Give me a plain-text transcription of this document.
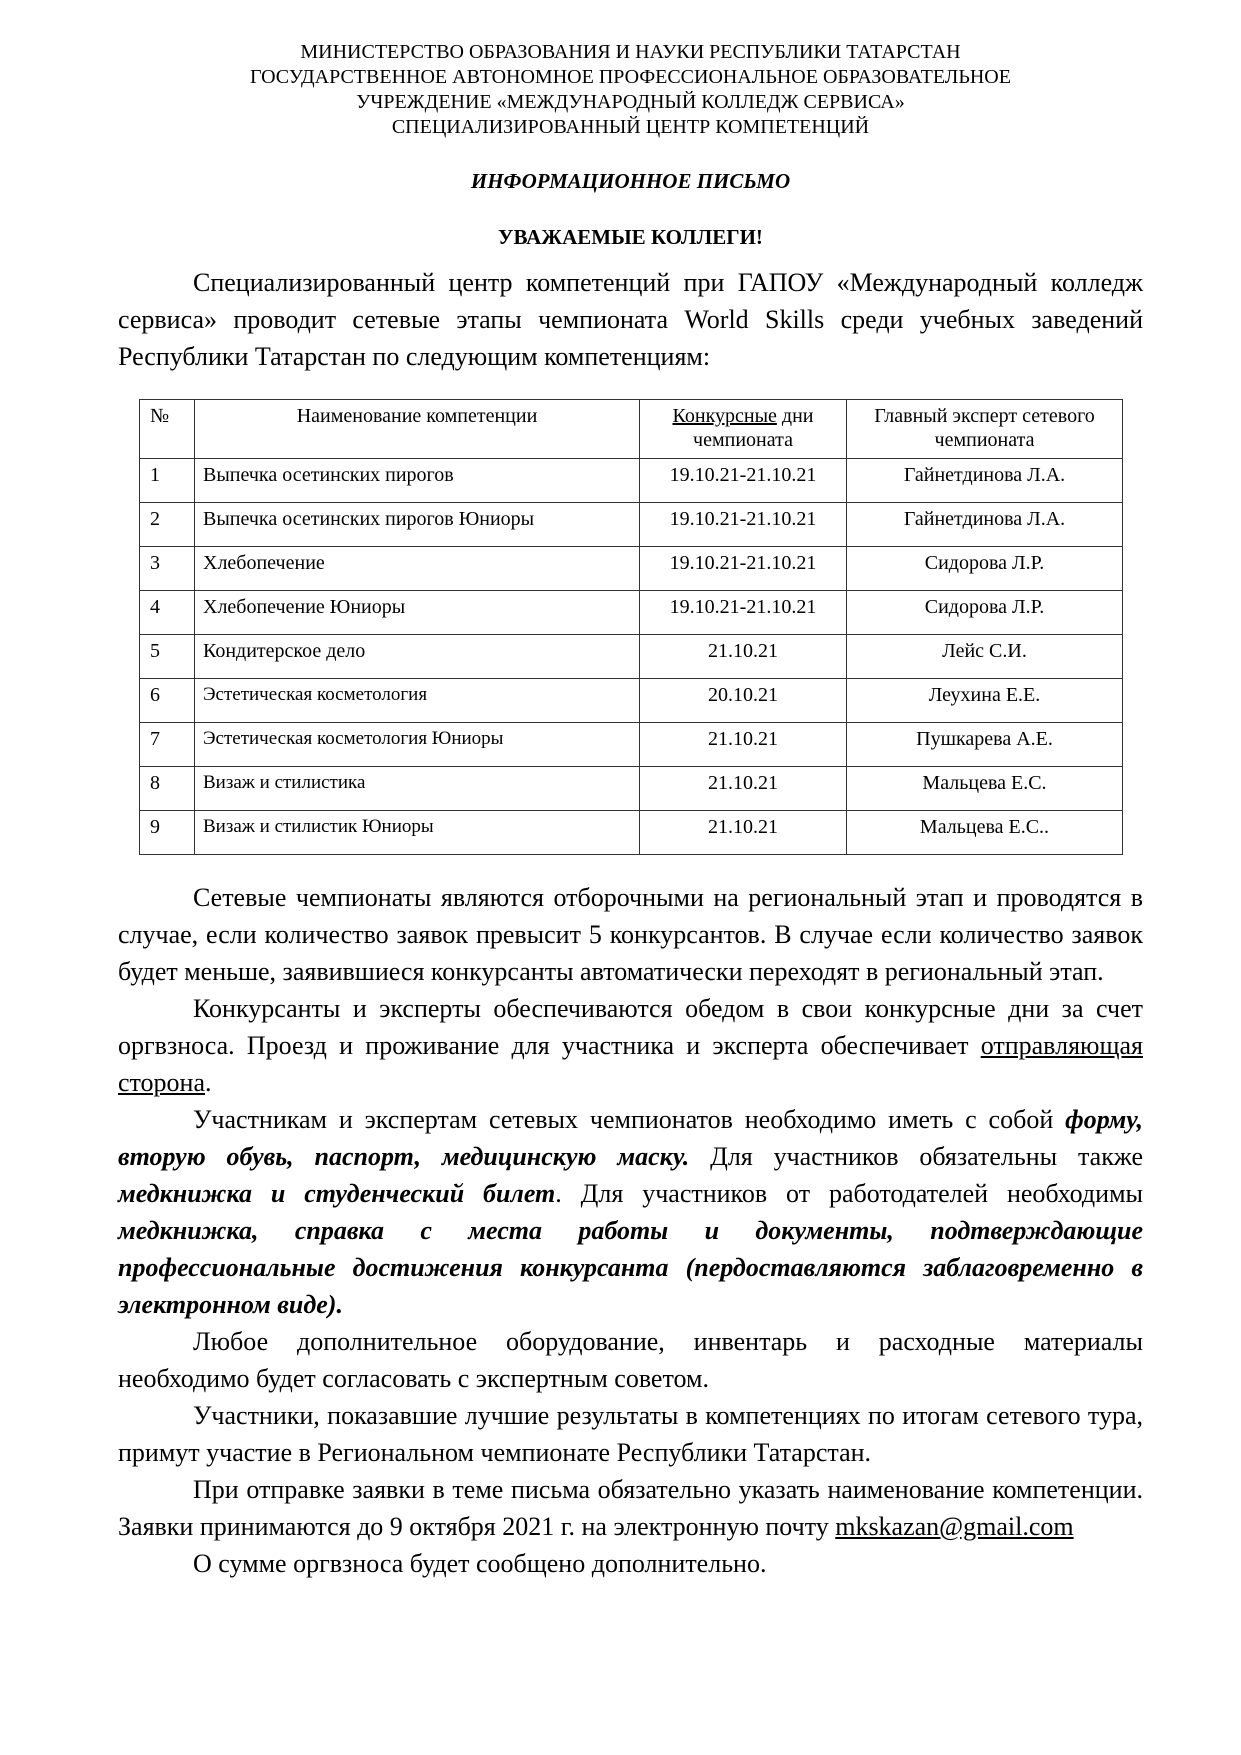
МИНИСТЕРСТВО ОБРАЗОВАНИЯ И НАУКИ РЕСПУБЛИКИ ТАТАРСТАН
ГОСУДАРСТВЕННОЕ АВТОНОМНОЕ ПРОФЕССИОНАЛЬНОЕ ОБРАЗОВАТЕЛЬНОЕ
УЧРЕЖДЕНИЕ «МЕЖДУНАРОДНЫЙ КОЛЛЕДЖ СЕРВИСА»
СПЕЦИАЛИЗИРОВАННЫЙ ЦЕНТР КОМПЕТЕНЦИЙ
ИНФОРМАЦИОННОЕ ПИСЬМО
УВАЖАЕМЫЕ КОЛЛЕГИ!

Специализированный центр компетенций при ГАПОУ «Международный колледж сервиса» проводит сетевые этапы чемпионата World Skills среди учебных заведений Республики Татарстан по следующим компетенциям:

№	Наименование компетенции	Конкурсные дни чемпионата	Главный эксперт сетевого чемпионата
1	Выпечка осетинских пирогов	19.10.21-21.10.21	Гайнетдинова Л.А.
2	Выпечка осетинских пирогов Юниоры	19.10.21-21.10.21	Гайнетдинова Л.А.
3	Хлебопечение	19.10.21-21.10.21	Сидорова Л.Р.
4	Хлебопечение Юниоры	19.10.21-21.10.21	Сидорова Л.Р.
5	Кондитерское дело	21.10.21	Лейс С.И.
6	Эстетическая косметология	20.10.21	Леухина Е.Е.
7	Эстетическая косметология Юниоры	21.10.21	Пушкарева А.Е.
8	Визаж и стилистика	21.10.21	Мальцева Е.С.
9	Визаж и стилистик Юниоры	21.10.21	Мальцева Е.С..

Сетевые чемпионаты являются отборочными на региональный этап и проводятся в случае, если количество заявок превысит 5 конкурсантов. В случае если количество заявок будет меньше, заявившиеся конкурсанты автоматически переходят в региональный этап.

Конкурсанты и эксперты обеспечиваются обедом в свои конкурсные дни за счет оргвзноса. Проезд и проживание для участника и эксперта обеспечивает отправляющая сторона.

Участникам и экспертам сетевых чемпионатов необходимо иметь с собой форму, вторую обувь, паспорт, медицинскую маску. Для участников обязательны также медкнижка и студенческий билет. Для участников от работодателей необходимы медкнижка, справка с места работы и документы, подтверждающие профессиональные достижения конкурсанта (пердоставляются заблаговременно в электронном виде).

Любое дополнительное оборудование, инвентарь и расходные материалы необходимо будет согласовать с экспертным советом.

Участники, показавшие лучшие результаты в компетенциях по итогам сетевого тура, примут участие в Региональном чемпионате Республики Татарстан.

При отправке заявки в теме письма обязательно указать наименование компетенции. Заявки принимаются до 9 октября 2021 г. на электронную почту mkskazan@gmail.com

О сумме оргвзноса будет сообщено дополнительно.
